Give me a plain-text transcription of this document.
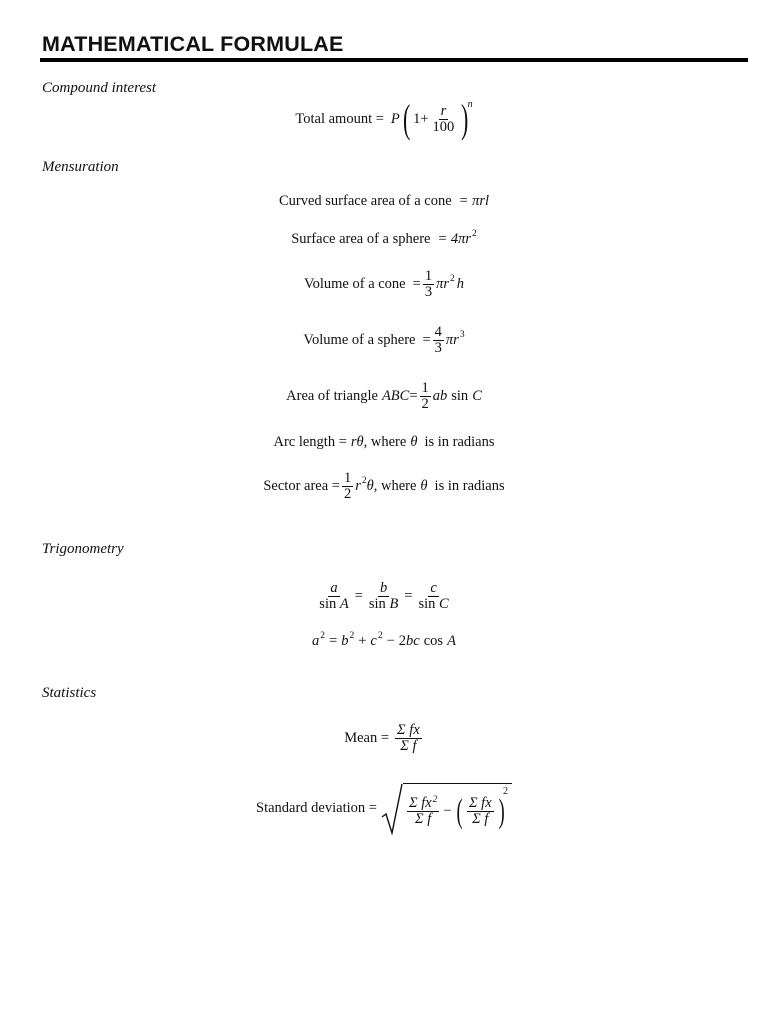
MATHEMATICAL FORMULAE
Compound interest
Total amount = P ( $1 + \frac{r}{100}$ )
n
Mensuration
Curved surface area of a cone = πrl
Surface area of a sphere = $4\pi r^2$
Volume of a cone = $\frac{1}{3} \pi r^2$ h
Volume of a sphere = $\frac{4}{3} \pi r^3$
Area of triangle ABC = $\frac{1}{2}$ ab sin C
Arc length = rθ , where θ is in radians
Sector area = $\frac{1}{2} r^2$ θ , where θ is in radians
Trigonometry
$\frac{a}{\text{sin A}} = \frac{b}{\text{sin B}} = \frac{c}{\text{sin C}}$
$a^2 = b^2 + c^2 - 2$ bc cos A
Statistics
Mean = $\frac{\text{Σ fx}}{\text{Σ f}}$
Standard deviation = $\frac{\Sigma fx^2}{\text{Σ f}}$ − ( $\frac{\text{Σ fx}}{\text{Σ f}}$ )
2
